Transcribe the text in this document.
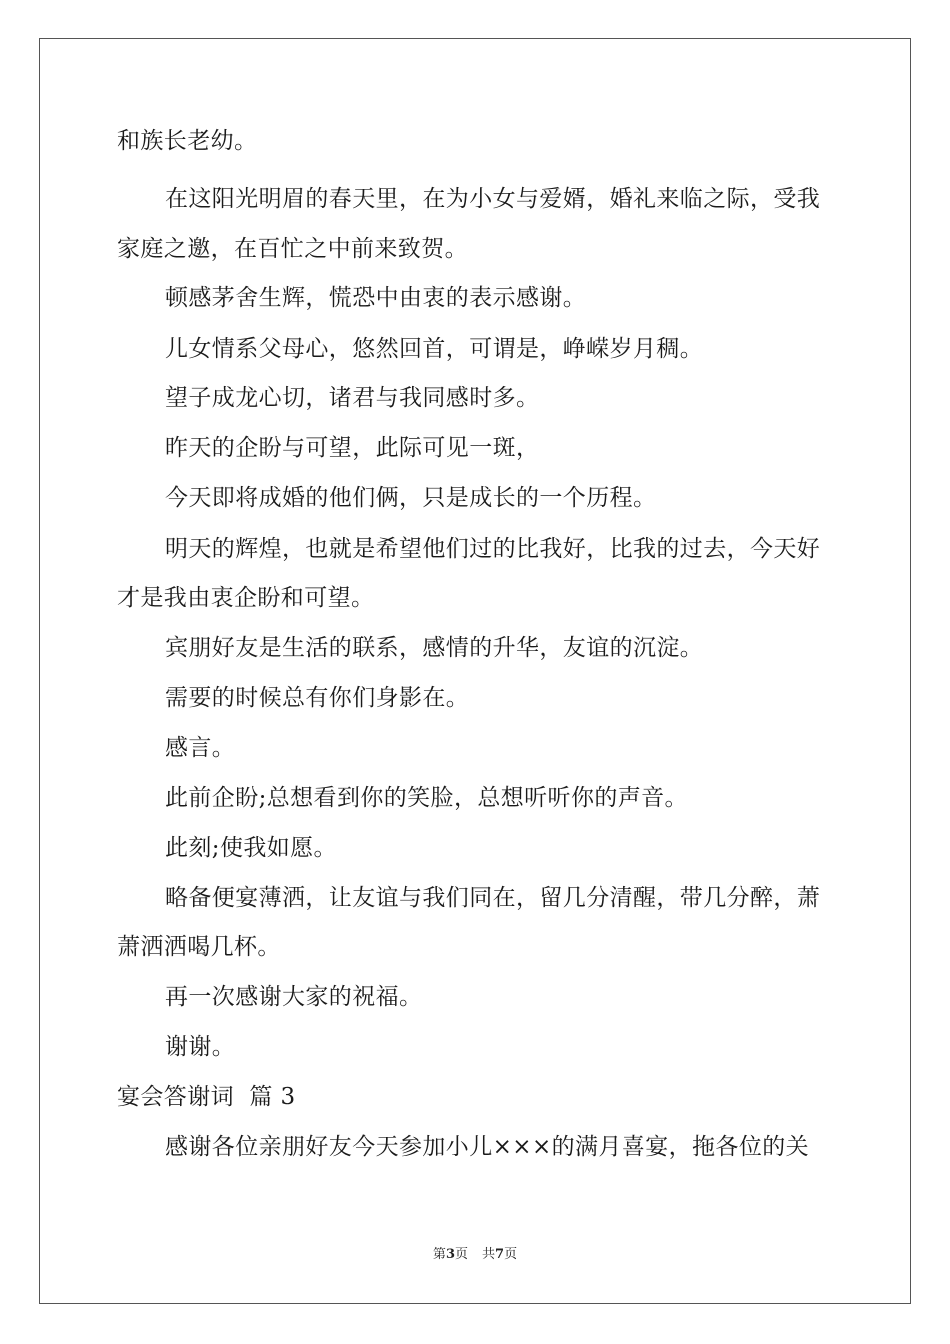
和族长老幼。
在这阳光明眉的春天里，在为小女与爱婿，婚礼来临之际，受我
家庭之邀，在百忙之中前来致贺。
顿感茅舍生辉，慌恐中由衷的表示感谢。
儿女情系父母心，悠然回首，可谓是，峥嵘岁月稠。
望子成龙心切，诸君与我同感时多。
昨天的企盼与可望，此际可见一斑，
今天即将成婚的他们俩，只是成长的一个历程。
明天的辉煌，也就是希望他们过的比我好，比我的过去，今天好
才是我由衷企盼和可望。
宾朋好友是生活的联系，感情的升华，友谊的沉淀。
需要的时候总有你们身影在。
感言。
此前企盼;总想看到你的笑脸，总想听听你的声音。
此刻;使我如愿。
略备便宴薄洒，让友谊与我们同在，留几分清醒，带几分醉，萧
萧洒洒喝几杯。
再一次感谢大家的祝福。
谢谢。
宴会答谢词  篇 3
感谢各位亲朋好友今天参加小儿×××的满月喜宴，拖各位的关
第3页 共7页
